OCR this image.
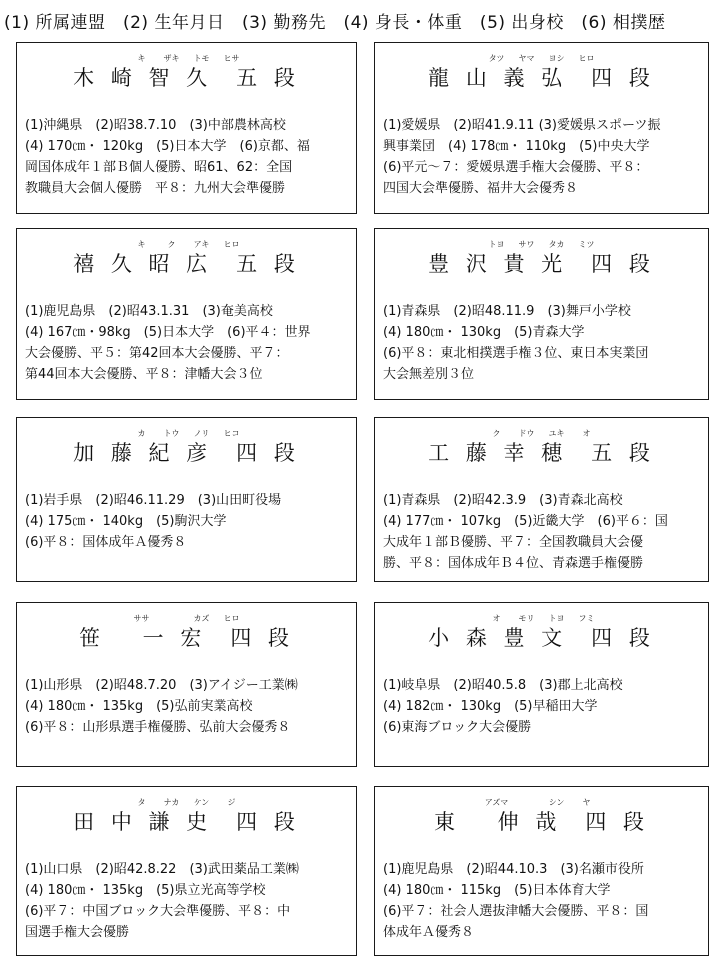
(1) 所属連盟　(2) 生年月日　(3) 勤務先　(4) 身長・体重　(5) 出身校　(6) 相撲歴
キ	ザキ	トモ	ヒサ
木 崎 智 久 五 段
(1)沖縄県　(2)昭38.7.10　(3)中部農林高校
(4) 170㎝・ 120kg　(5)日本大学　(6)京都、福
岡国体成年１部Ｂ個人優勝、昭61、62：全国
教職員大会個人優勝　平８：九州大会準優勝
タツ	ヤマ	ヨシ	ヒロ
龍 山 義 弘 四 段
(1)愛媛県　(2)昭41.9.11 (3)愛媛県スポーツ振
興事業団　(4) 178㎝・ 110kg　(5)中央大学
(6)平元～７：愛媛県選手権大会優勝、平８：
四国大会準優勝、福井大会優秀８
キ	ク	アキ	ヒロ
禧 久 昭 広 五 段
(1)鹿児島県　(2)昭43.1.31　(3)奄美高校
(4) 167㎝・98kg　(5)日本大学　(6)平４：世界
大会優勝、平５：第42回本大会優勝、平７：
第44回本大会優勝、平８：津幡大会３位
トヨ	サワ	タカ	ミツ
豊 沢 貴 光 四 段
(1)青森県　(2)昭48.11.9　(3)舞戸小学校
(4) 180㎝・ 130kg　(5)青森大学
(6)平８：東北相撲選手権３位、東日本実業団
大会無差別３位
カ	トウ	ノリ	ヒコ
加 藤 紀 彦 四 段
(1)岩手県　(2)昭46.11.29　(3)山田町役場
(4) 175㎝・ 140kg　(5)駒沢大学
(6)平８：国体成年Ａ優秀８
ク	ドウ	ユキ	オ
工 藤 幸 穂 五 段
(1)青森県　(2)昭42.3.9　(3)青森北高校
(4) 177㎝・ 107kg　(5)近畿大学　(6)平６：国
大成年１部Ｂ優勝、平７：全国教職員大会優
勝、平８：国体成年Ｂ４位、青森選手権優勝
ササ	カズ	ヒロ
笹 　一 宏 四 段
(1)山形県　(2)昭48.7.20　(3)アイジー工業㈱
(4) 180㎝・ 135kg　(5)弘前実業高校
(6)平８：山形県選手権優勝、弘前大会優秀８
オ	モリ	トヨ	フミ
小 森 豊 文 四 段
(1)岐阜県　(2)昭40.5.8　(3)郡上北高校
(4) 182㎝・ 130kg　(5)早稲田大学
(6)東海ブロック大会優勝
タ	ナカ	ケン	ジ
田 中 謙 史 四 段
(1)山口県　(2)昭42.8.22　(3)武田薬品工業㈱
(4) 180㎝・ 135kg　(5)県立光高等学校
(6)平７：中国ブロック大会準優勝、平８：中
国選手権大会優勝
アズマ	シン	ヤ
東 　伸 哉 四 段
(1)鹿児島県　(2)昭44.10.3　(3)名瀬市役所
(4) 180㎝・ 115kg　(5)日本体育大学
(6)平７：社会人選抜津幡大会優勝、平８：国
体成年Ａ優秀８
